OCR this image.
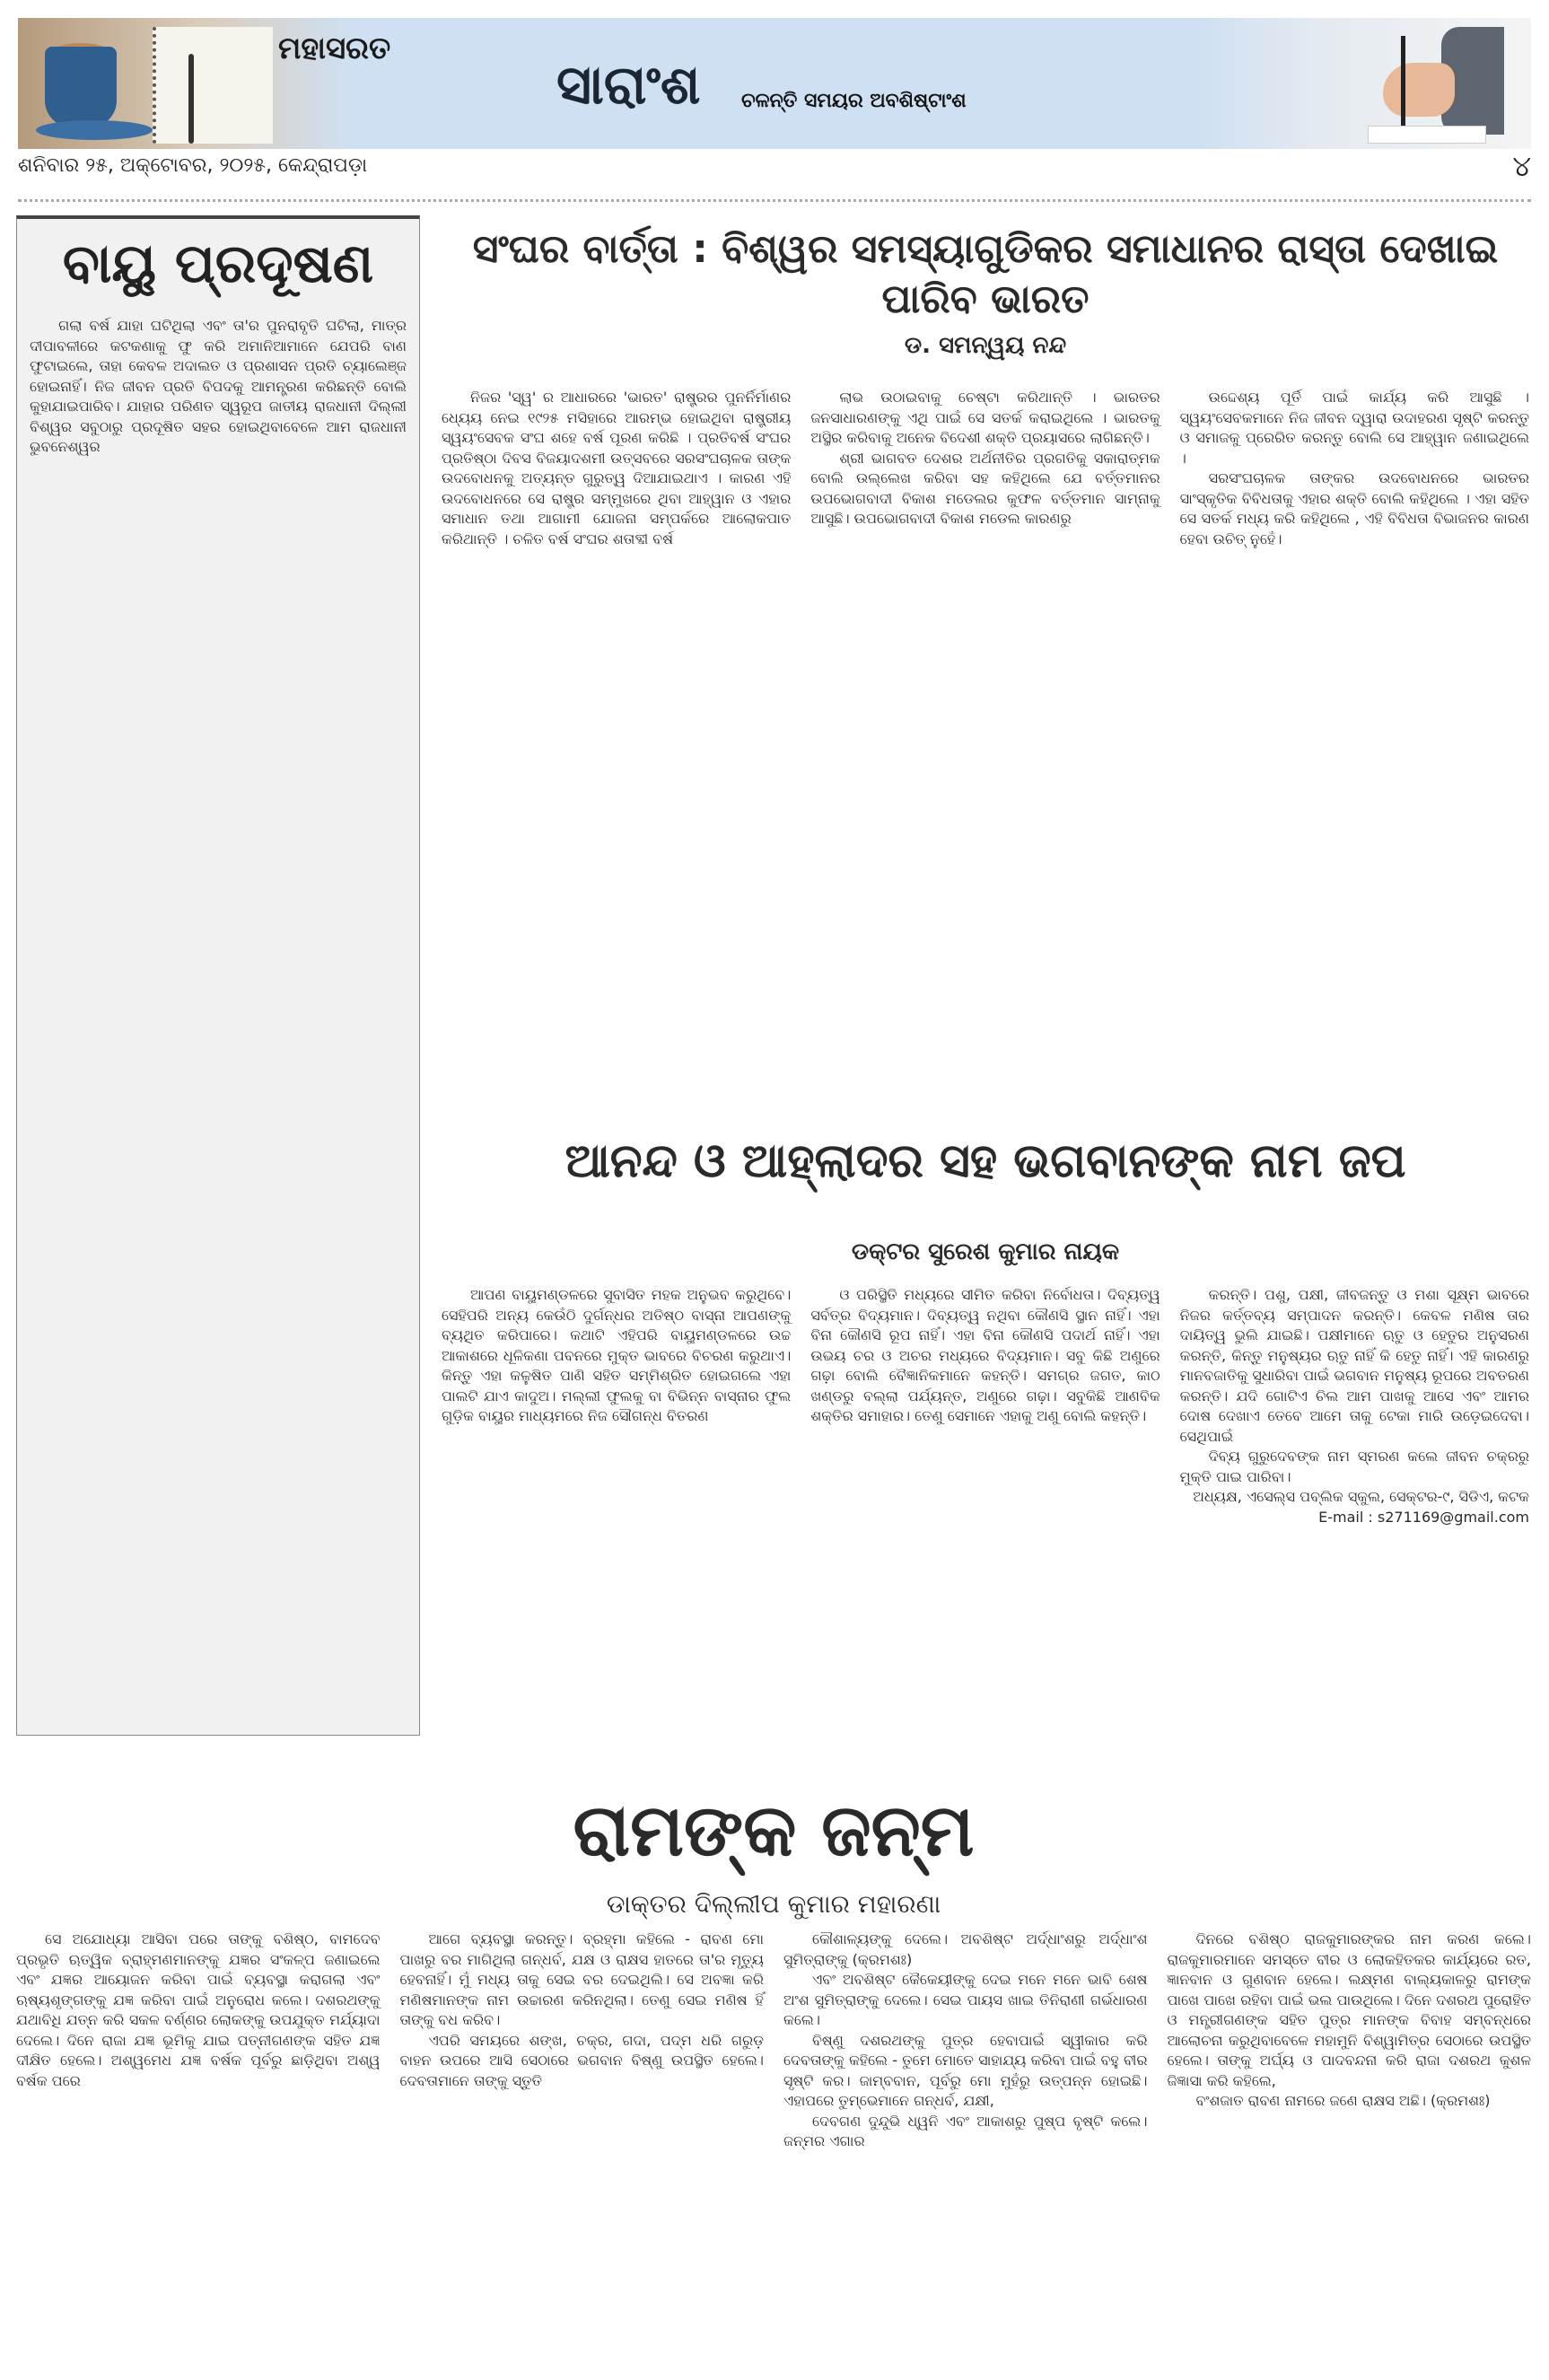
ମହାସରତ
ସାରାଂଶ	ଚଳନ୍ତି ସମୟର ଅବଶିଷ୍ଟାଂଶ
ଶନିବାର ୨୫, ଅକ୍ଟୋବର, ୨୦୨୫, କେନ୍ଦ୍ରାପଡ଼ା	୪
ବାୟୁ ପ୍ରଦୂଷଣ

ଗଲା ବର୍ଷ ଯାହା ଘଟିଥିଲା ଏବଂ ତା'ର ପୁନରାବୃତି ଘଟିଲା, ମାତ୍ର ଦୀପାବଳୀରେ କଟକଣାକୁ ଫୁ କରି ଅମାନିଆମାନେ ଯେପରି ବାଣ ଫୁଟାଇଲେ, ତାହା କେବଳ ଅଦାଲତ ଓ ପ୍ରଶାସନ ପ୍ରତି ଚ୍ୟାଲେଞ୍ଜ ହୋଇନାହିଁ। ନିଜ ଜୀବନ ପ୍ରତି ବିପଦକୁ ଆମନ୍ତ୍ରଣ କରିଛନ୍ତି ବୋଲି କୁହାଯାଇପାରିବ। ଯାହାର ପରିଣତ ସ୍ୱରୂପ ଜାତୀୟ ରାଜଧାନୀ ଦିଲ୍ଲୀ ବିଶ୍ୱର ସବୁଠାରୁ ପ୍ରଦୂଷିତ ସହର ହୋଇଥିବାବେଳେ ଆମ ରାଜଧାନୀ ଭୁବନେଶ୍ୱର

ସଂଘର ବାର୍ତ୍ତା : ବିଶ୍ୱର ସମସ୍ୟାଗୁଡିକର ସମାଧାନର ରାସ୍ତା ଦେଖାଇ ପାରିବ ଭାରତ
ଡ. ସମନ୍ୱୟ ନନ୍ଦ

ନିଜର 'ସ୍ୱ' ର ଆଧାରରେ 'ଭାରତ' ରାଷ୍ଟ୍ରର ପୁନର୍ନିର୍ମାଣର ଧ୍ୟେୟ ନେଇ ୧୯୨୫ ମସିହାରେ ଆରମ୍ଭ ହୋଇଥିବା ରାଷ୍ଟ୍ରୀୟ ସ୍ୱୟଂସେବକ ସଂଘ ଶହେ ବର୍ଷ ପୂରଣ କରିଛି । ପ୍ରତିବର୍ଷ ସଂଘର ପ୍ରତିଷ୍ଠା ଦିବସ ବିଜୟାଦଶମୀ ଉତ୍ସବରେ ସରସଂଘଚାଳକ ତାଙ୍କ ଉଦବୋଧନକୁ ଅତ୍ୟନ୍ତ ଗୁରୁତ୍ୱ ଦିଆଯାଇଥାଏ । କାରଣ ଏହି ଉଦବୋଧନରେ ସେ ରାଷ୍ଟ୍ର ସମ୍ମୁଖରେ ଥିବା ଆହ୍ୱାନ ଓ ଏହାର ସମାଧାନ ତଥା ଆଗାମୀ ଯୋଜନା ସମ୍ପର୍କରେ ଆଲୋକପାତ କରିଥାନ୍ତି । ଚଳିତ ବର୍ଷ ସଂଘର ଶତାବ୍ଦୀ ବର୍ଷ

ଲାଭ ଉଠାଇବାକୁ ଚେଷ୍ଟା କରିଥାନ୍ତି । ଭାରତର ଜନସାଧାରଣଙ୍କୁ ଏଥି ପାଇଁ ସେ ସତର୍କ କରାଇଥିଲେ । ଭାରତକୁ ଅସ୍ଥିର କରିବାକୁ ଅନେକ ବିଦେଶୀ ଶକ୍ତି ପ୍ରୟାସରେ ଲାଗିଛନ୍ତି।

ଶ୍ରୀ ଭାଗବତ ଦେଶର ଅର୍ଥନୀତିର ପ୍ରଗତିକୁ ସକାରାତ୍ମକ ବୋଲି ଉଲ୍ଲେଖ କରିବା ସହ କହିଥିଲେ ଯେ ବର୍ତ୍ତମାନର ଉପଭୋଗବାଦୀ ବିକାଶ ମଡେଲର କୁଫଳ ବର୍ତ୍ତମାନ ସାମ୍ନାକୁ ଆସୁଛି। ଉପଭୋଗବାଦୀ ବିକାଶ ମଡେଲ କାରଣରୁ

ଉଦ୍ଦେଶ୍ୟ ପୂର୍ତି ପାଇଁ କାର୍ଯ୍ୟ କରି ଆସୁଛି । ସ୍ୱୟଂସେବକମାନେ ନିଜ ଜୀବନ ଦ୍ୱାରା ଉଦାହରଣ ସୃଷ୍ଟି କରନ୍ତୁ ଓ ସମାଜକୁ ପ୍ରେରିତ କରନ୍ତୁ ବୋଲି ସେ ଆହ୍ୱାନ ଜଣାଇଥିଲେ ।

ସରସଂଘଚାଳକ ତାଙ୍କର ଉଦବୋଧନରେ ଭାରତର ସାଂସ୍କୃତିକ ବିବିଧତାକୁ ଏହାର ଶକ୍ତି ବୋଲି କହିଥିଲେ । ଏହା ସହିତ ସେ ସତର୍କ ମଧ୍ୟ କରି କହିଥିଲେ , ଏହି ବିବିଧତା ବିଭାଜନର କାରଣ ହେବା ଉଚିତ୍ ନୁହେଁ।

ଆନନ୍ଦ ଓ ଆହ୍ଲାଦର ସହ ଭଗବାନଙ୍କ ନାମ ଜପ
ଡକ୍ଟର ସୁରେଶ କୁମାର ନାୟକ

ଆପଣ ବାୟୁମଣ୍ଡଳରେ ସୁବାସିତ ମହକ ଅନୁଭବ କରୁଥିବେ। ସେହିପରି ଅନ୍ୟ କେଉଁଠି ଦୁର୍ଗନ୍ଧର ଅତିଷ୍ଠ ବାସ୍ନା ଆପଣଙ୍କୁ ବ୍ୟଥିତ କରିପାରେ। କଥାଟି ଏହିପରି ବାୟୁମଣ୍ଡଳରେ ଉଚ୍ଚ ଆକାଶରେ ଧୂଳିକଣା ପବନରେ ମୁକ୍ତ ଭାବରେ ବିଚରଣ କରୁଥାଏ। କିନ୍ତୁ ଏହା କଳୁଷିତ ପାଣି ସହିତ ସମ୍ମିଶ୍ରିତ ହୋଇଗଲେ ଏହା ପାଲଟି ଯାଏ କାଦୁଅ। ମଲ୍ଲୀ ଫୁଲକୁ ବା ବିଭିନ୍ନ ବାସ୍ନାର ଫୁଲ ଗୁଡ଼ିକ ବାୟୁର ମାଧ୍ୟମରେ ନିଜ ସୌଗନ୍ଧ ବିତରଣ

ଓ ପରିସ୍ଥିତି ମଧ୍ୟରେ ସୀମିତ କରିବା ନିର୍ବୋଧତା। ଦିବ୍ୟତ୍ୱ ସର୍ବତ୍ର ବିଦ୍ୟମାନ। ଦିବ୍ୟତ୍ୱ ନଥିବା କୌଣସି ସ୍ଥାନ ନାହିଁ। ଏହା ବିନା କୌଣସି ରୂପ ନାହିଁ। ଏହା ବିନା କୌଣସି ପଦାର୍ଥ ନାହିଁ। ଏହା ଉଭୟ ଚର ଓ ଅଚର ମଧ୍ୟରେ ବିଦ୍ୟମାନ। ସବୁ କିଛି ଅଣୁରେ ଗଢ଼ା ବୋଲି ବୈଜ୍ଞାନିକମାନେ କହନ୍ତି। ସମଗ୍ର ଜଗତ, କାଠ ଖଣ୍ଡରୁ ବଲ୍ଲା ପର୍ଯ୍ୟନ୍ତ, ଅଣୁରେ ଗଢ଼ା। ସବୁକିଛି ଆଣବିକ ଶକ୍ତିର ସମାହାର। ତେଣୁ ସେମାନେ ଏହାକୁ ଅଣୁ ବୋଲି କହନ୍ତି।

କରନ୍ତି। ପଶୁ, ପକ୍ଷୀ, ଜୀବଜନ୍ତୁ ଓ ମଶା ସୂକ୍ଷ୍ମ ଭାବରେ ନିଜର କର୍ତ୍ତବ୍ୟ ସମ୍ପାଦନ କରନ୍ତି। କେବଳ ମଣିଷ ତାର ଦାୟିତ୍ୱ ଭୁଲି ଯାଇଛି। ପକ୍ଷୀମାନେ ଋତୁ ଓ ହେତୁର ଅନୁସରଣ କରନ୍ତି, କିନ୍ତୁ ମନୁଷ୍ୟର ଋତୁ ନାହିଁ କି ହେତୁ ନାହିଁ। ଏହି କାରଣରୁ ମାନବଜାତିକୁ ସୁଧାରିବା ପାଇଁ ଭଗବାନ ମନୁଷ୍ୟ ରୂପରେ ଅବତରଣ କରନ୍ତି। ଯଦି ଗୋଟିଏ ଚିଲ ଆମ ପାଖକୁ ଆସେ ଏବଂ ଆମର ଦୋଷ ଦେଖାଏ ତେବେ ଆମେ ତାକୁ ଟେକା ମାରି ଉଡ଼େଇଦେବା। ସେଥିପାଇଁ

ଦିବ୍ୟ ଗୁରୁଦେବଙ୍କ ନାମ ସ୍ମରଣ କଲେ ଜୀବନ ଚକ୍ରରୁ ମୁକ୍ତି ପାଇ ପାରିବା।

ଅଧ୍ୟକ୍ଷ, ଏସେଲ୍ସ ପବ୍ଲିକ ସ୍କୁଲ, ସେକ୍ଟର-୯, ସିଡିଏ, କଟକ
E-mail : s271169@gmail.com
ରାମଙ୍କ ଜନ୍ମ
ଡାକ୍ତର ଦିଲ୍ଲୀପ କୁମାର ମହାରଣା

ସେ ଅଯୋଧ୍ୟା ଆସିବା ପରେ ତାଙ୍କୁ ବଶିଷ୍ଠ, ବାମଦେବ ପ୍ରଭୃତି ଋତ୍ୱିକ ବ୍ରାହ୍ମଣମାନଙ୍କୁ ଯଜ୍ଞର ସଂକଳ୍ପ ଜଣାଇଲେ ଏବଂ ଯଜ୍ଞର ଆୟୋଜନ କରିବା ପାଇଁ ବ୍ୟବସ୍ଥା କରାଗଲା ଏବଂ ଋଷ୍ୟଶୃଙ୍ଗଙ୍କୁ ଯଜ୍ଞ କରିବା ପାଇଁ ଅନୁରୋଧ କଲେ। ଦଶରଥଙ୍କୁ ଯଥାବିଧି ଯତ୍ନ କରି ସକଳ ବର୍ଣ୍ଣର ଲୋକଙ୍କୁ ଉପଯୁକ୍ତ ମର୍ଯ୍ୟାଦା ଦେଲେ। ଦିନେ ରାଜା ଯଜ୍ଞ ଭୂମିକୁ ଯାଇ ପତ୍ନୀଗଣଙ୍କ ସହିତ ଯଜ୍ଞ ଦୀକ୍ଷିତ ହେଲେ। ଅଶ୍ୱମେଧ ଯଜ୍ଞ ବର୍ଷକ ପୂର୍ବରୁ ଛାଡ଼ିଥିବା ଅଶ୍ୱ ବର୍ଷକ ପରେ

ଆଗେ ବ୍ୟବସ୍ଥା କରନ୍ତୁ। ବ୍ରହ୍ମା କହିଲେ - ରାବଣ ମୋ ପାଖରୁ ବର ମାଗିଥିଲା ଗନ୍ଧର୍ବ, ଯକ୍ଷ ଓ ରାକ୍ଷସ ହାତରେ ତା'ର ମୃତ୍ୟୁ ହେବନାହିଁ। ମୁଁ ମଧ୍ୟ ତାକୁ ସେଇ ବର ଦେଇଥିଲି। ସେ ଅବଜ୍ଞା କରି ମଣିଷମାନଙ୍କ ନାମ ଉଚ୍ଚାରଣ କରିନଥିଲା। ତେଣୁ ସେଇ ମଣିଷ ହିଁ ତାଙ୍କୁ ବଧ କରିବ।

ଏପରି ସମୟରେ ଶଙ୍ଖ, ଚକ୍ର, ଗଦା, ପଦ୍ମ ଧରି ଗରୁଡ଼ ବାହନ ଉପରେ ଆସି ସେଠାରେ ଭଗବାନ ବିଷ୍ଣୁ ଉପସ୍ଥିତ ହେଲେ। ଦେବତାମାନେ ତାଙ୍କୁ ସ୍ତୁତି

କୌଶାଳ୍ୟଙ୍କୁ ଦେଲେ। ଅବଶିଷ୍ଟ ଅର୍ଦ୍ଧାଂଶରୁ ଅର୍ଦ୍ଧାଂଶ ସୁମିତ୍ରାଙ୍କୁ (କ୍ରମଶଃ)

ଏବଂ ଅବଶିଷ୍ଟ କୈକେୟୀଙ୍କୁ ଦେଇ ମନେ ମନେ ଭାବି ଶେଷ ଅଂଶ ସୁମିତ୍ରାଙ୍କୁ ଦେଲେ। ସେଇ ପାୟସ ଖାଇ ତିନିରାଣୀ ଗର୍ଭଧାରଣ କଲେ।

ବିଷ୍ଣୁ ଦଶରଥଙ୍କୁ ପୁତ୍ର ହେବାପାଇଁ ସ୍ୱୀକାର କରି ଦେବତାଙ୍କୁ କହିଲେ - ତୁମେ ମୋତେ ସାହାଯ୍ୟ କରିବା ପାଇଁ ବହୁ ବୀର ସୃଷ୍ଟି କର। ଜାମ୍ବବାନ, ପୂର୍ବରୁ ମୋ ମୁହଁରୁ ଉତ୍ପନ୍ନ ହୋଇଛି। ଏହାପରେ ତୁମ୍ଭେମାନେ ଗନ୍ଧର୍ବ, ଯକ୍ଷୀ,

ଦେବଗଣ ଦୁନ୍ଦୁଭି ଧ୍ୱନି ଏବଂ ଆକାଶରୁ ପୁଷ୍ପ ବୃଷ୍ଟି କଲେ। ଜନ୍ମର ଏଗାର

ଦିନରେ ବଶିଷ୍ଠ ରାଜକୁମାରଙ୍କର ନାମ କରଣ କଲେ। ରାଜକୁମାରମାନେ ସମସ୍ତେ ବୀର ଓ ଲୋକହିତକର କାର୍ଯ୍ୟରେ ରତ, ଜ୍ଞାନବାନ ଓ ଗୁଣବାନ ହେଲେ। ଲକ୍ଷ୍ମଣ ବାଲ୍ୟକାଳରୁ ରାମଙ୍କ ପାଖେ ପାଖେ ରହିବା ପାଇଁ ଭଲ ପାଉଥିଲେ। ଦିନେ ଦଶରଥ ପୁରୋହିତ ଓ ମନ୍ତ୍ରୀଗଣଙ୍କ ସହିତ ପୁତ୍ର ମାନଙ୍କ ବିବାହ ସମ୍ବନ୍ଧରେ ଆଲୋଚନା କରୁଥିବାବେଳେ ମହାମୁନି ବିଶ୍ୱାମିତ୍ର ସେଠାରେ ଉପସ୍ଥିତ ହେଲେ। ତାଙ୍କୁ ଅର୍ଘ୍ୟ ଓ ପାଦବନ୍ଦନା କରି ରାଜା ଦଶରଥ କୁଶଳ ଜିଜ୍ଞାସା କରି କହିଲେ,

ବଂଶଜାତ ରାବଣ ନାମରେ ଜଣେ ରାକ୍ଷସ ଅଛି। (କ୍ରମଶଃ)
